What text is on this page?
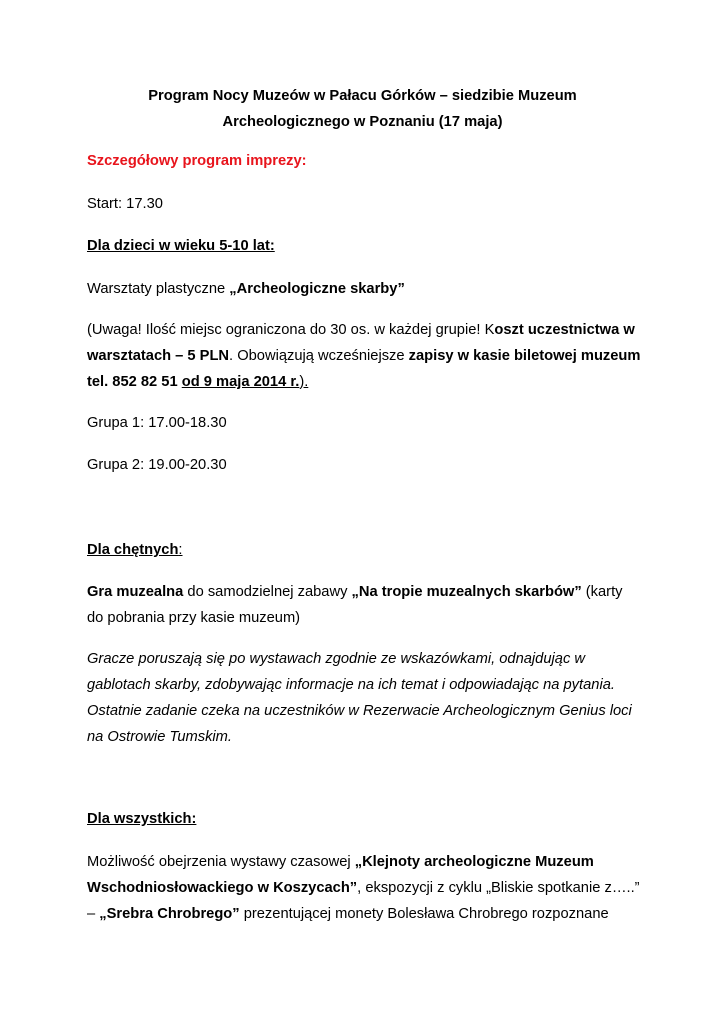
Program Nocy Muzeów w Pałacu Górków – siedzibie Muzeum
Archeologicznego w Poznaniu (17 maja)

Szczegółowy program imprezy:

Start: 17.30

Dla dzieci w wieku 5-10 lat:

Warsztaty plastyczne „Archeologiczne skarby”

(Uwaga! Ilość miejsc ograniczona do 30 os. w każdej grupie! Koszt uczestnictwa w warsztatach – 5 PLN. Obowiązują wcześniejsze zapisy w kasie biletowej muzeum tel. 852 82 51 od 9 maja 2014 r.).

Grupa 1: 17.00-18.30

Grupa 2: 19.00-20.30

Dla chętnych:

Gra muzealna do samodzielnej zabawy „Na tropie muzealnych skarbów” (karty do pobrania przy kasie muzeum)

Gracze poruszają się po wystawach zgodnie ze wskazówkami, odnajdując w gablotach skarby, zdobywając informacje na ich temat i odpowiadając na pytania. Ostatnie zadanie czeka na uczestników w Rezerwacie Archeologicznym Genius loci na Ostrowie Tumskim.

Dla wszystkich:

Możliwość obejrzenia wystawy czasowej „Klejnoty archeologiczne Muzeum Wschodniosłowackiego w Koszycach”, ekspozycji z cyklu „Bliskie spotkanie z…..” – „Srebra Chrobrego” prezentującej monety Bolesława Chrobrego rozpoznane
